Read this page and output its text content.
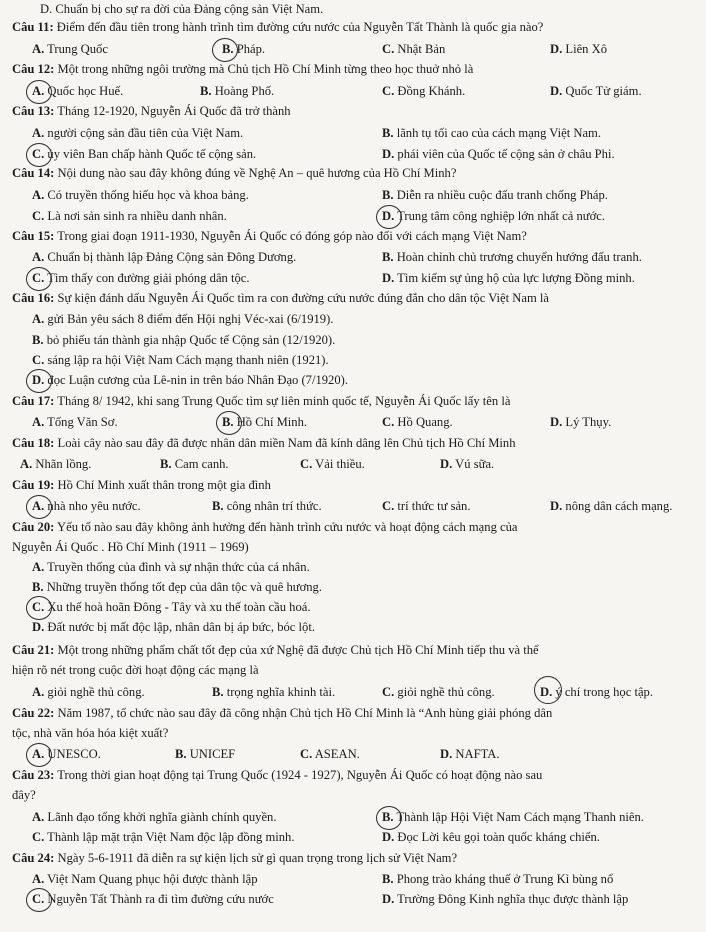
D. Chuẩn bị cho sự ra đời của Đảng cộng sản Việt Nam.
Câu 11: Điểm đến đầu tiên trong hành trình tìm đường cứu nước của Nguyễn Tất Thành là quốc gia nào?
A. Trung Quốc	B. Pháp.	C. Nhật Bản	D. Liên Xô
Câu 12: Một trong những ngôi trường mà Chủ tịch Hồ Chí Minh từng theo học thuở nhỏ là
A. Quốc học Huế.	B. Hoàng Phố.	C. Đồng Khánh.	D. Quốc Tử giám.
Câu 13: Tháng 12-1920, Nguyễn Ái Quốc đã trở thành
A. người cộng sản đầu tiên của Việt Nam.	B. lãnh tụ tối cao của cách mạng Việt Nam.
C. ủy viên Ban chấp hành Quốc tế cộng sản.	D. phái viên của Quốc tế cộng sản ở châu Phi.
Câu 14: Nội dung nào sau đây không đúng về Nghệ An – quê hương của Hồ Chí Minh?
A. Có truyền thống hiếu học và khoa bảng.	B. Diễn ra nhiều cuộc đấu tranh chống Pháp.
C. Là nơi sản sinh ra nhiều danh nhân.	D. Trung tâm công nghiệp lớn nhất cả nước.
Câu 15: Trong giai đoạn 1911-1930, Nguyễn Ái Quốc có đóng góp nào đối với cách mạng Việt Nam?
A. Chuẩn bị thành lập Đảng Cộng sản Đông Dương.	B. Hoàn chỉnh chủ trương chuyển hướng đấu tranh.
C. Tìm thấy con đường giải phóng dân tộc.	D. Tìm kiếm sự ủng hộ của lực lượng Đồng minh.
Câu 16: Sự kiện đánh dấu Nguyễn Ái Quốc tìm ra con đường cứu nước đúng đắn cho dân tộc Việt Nam là
A. gửi Bản yêu sách 8 điểm đến Hội nghị Véc-xai (6/1919).
B. bỏ phiếu tán thành gia nhập Quốc tế Cộng sản (12/1920).
C. sáng lập ra hội Việt Nam Cách mạng thanh niên (1921).
D. đọc Luận cương của Lê-nin in trên báo Nhân Đạo (7/1920).
Câu 17: Tháng 8/ 1942, khi sang Trung Quốc tìm sự liên minh quốc tế, Nguyễn Ái Quốc lấy tên là
A. Tống Văn Sơ.	B. Hồ Chí Minh.	C. Hồ Quang.	D. Lý Thụy.
Câu 18: Loài cây nào sau đây đã được nhân dân miền Nam đã kính dâng lên Chủ tịch Hồ Chí Minh
A. Nhãn lồng.	B. Cam canh.	C. Vải thiều.	D. Vú sữa.
Câu 19: Hồ Chí Minh xuất thân trong một gia đình
A. nhà nho yêu nước.	B. công nhân trí thức.	C. trí thức tư sản.	D. nông dân cách mạng.
Câu 20: Yếu tố nào sau đây không ảnh hưởng đến hành trình cứu nước và hoạt động cách mạng của
Nguyễn Ái Quốc . Hồ Chí Minh (1911 – 1969)
A. Truyền thống của đình và sự nhận thức của cá nhân.
B. Những truyền thống tốt đẹp của dân tộc và quê hương.
C. Xu thế hoà hoãn Đông - Tây và xu thế toàn cầu hoá.
D. Đất nước bị mất độc lập, nhân dân bị áp bức, bóc lột.
Câu 21: Một trong những phẩm chất tốt đẹp của xứ Nghệ đã được Chủ tịch Hồ Chí Minh tiếp thu và thể
hiện rõ nét trong cuộc đời hoạt động các mạng là
A. giỏi nghề thủ công.	B. trọng nghĩa khinh tài.	C. giỏi nghề thủ công.	D. ý chí trong học tập.
Câu 22: Năm 1987, tổ chức nào sau đây đã công nhận Chủ tịch Hồ Chí Minh là “Anh hùng giải phóng dân
tộc, nhà văn hóa hóa kiệt xuất?
A. UNESCO.	B. UNICEF	C. ASEAN.	D. NAFTA.
Câu 23: Trong thời gian hoạt động tại Trung Quốc (1924 - 1927), Nguyễn Ái Quốc có hoạt động nào sau
đây?
A. Lãnh đạo tổng khởi nghĩa giành chính quyền.	B. Thành lập Hội Việt Nam Cách mạng Thanh niên.
C. Thành lập mặt trận Việt Nam độc lập đồng minh.	D. Đọc Lời kêu gọi toàn quốc kháng chiến.
Câu 24: Ngày 5-6-1911 đã diễn ra sự kiện lịch sử gì quan trọng trong lịch sử Việt Nam?
A. Việt Nam Quang phục hội được thành lập	B. Phong trào kháng thuế ở Trung Kì bùng nổ
C. Nguyễn Tất Thành ra đi tìm đường cứu nước	D. Trường Đông Kinh nghĩa thục được thành lập
